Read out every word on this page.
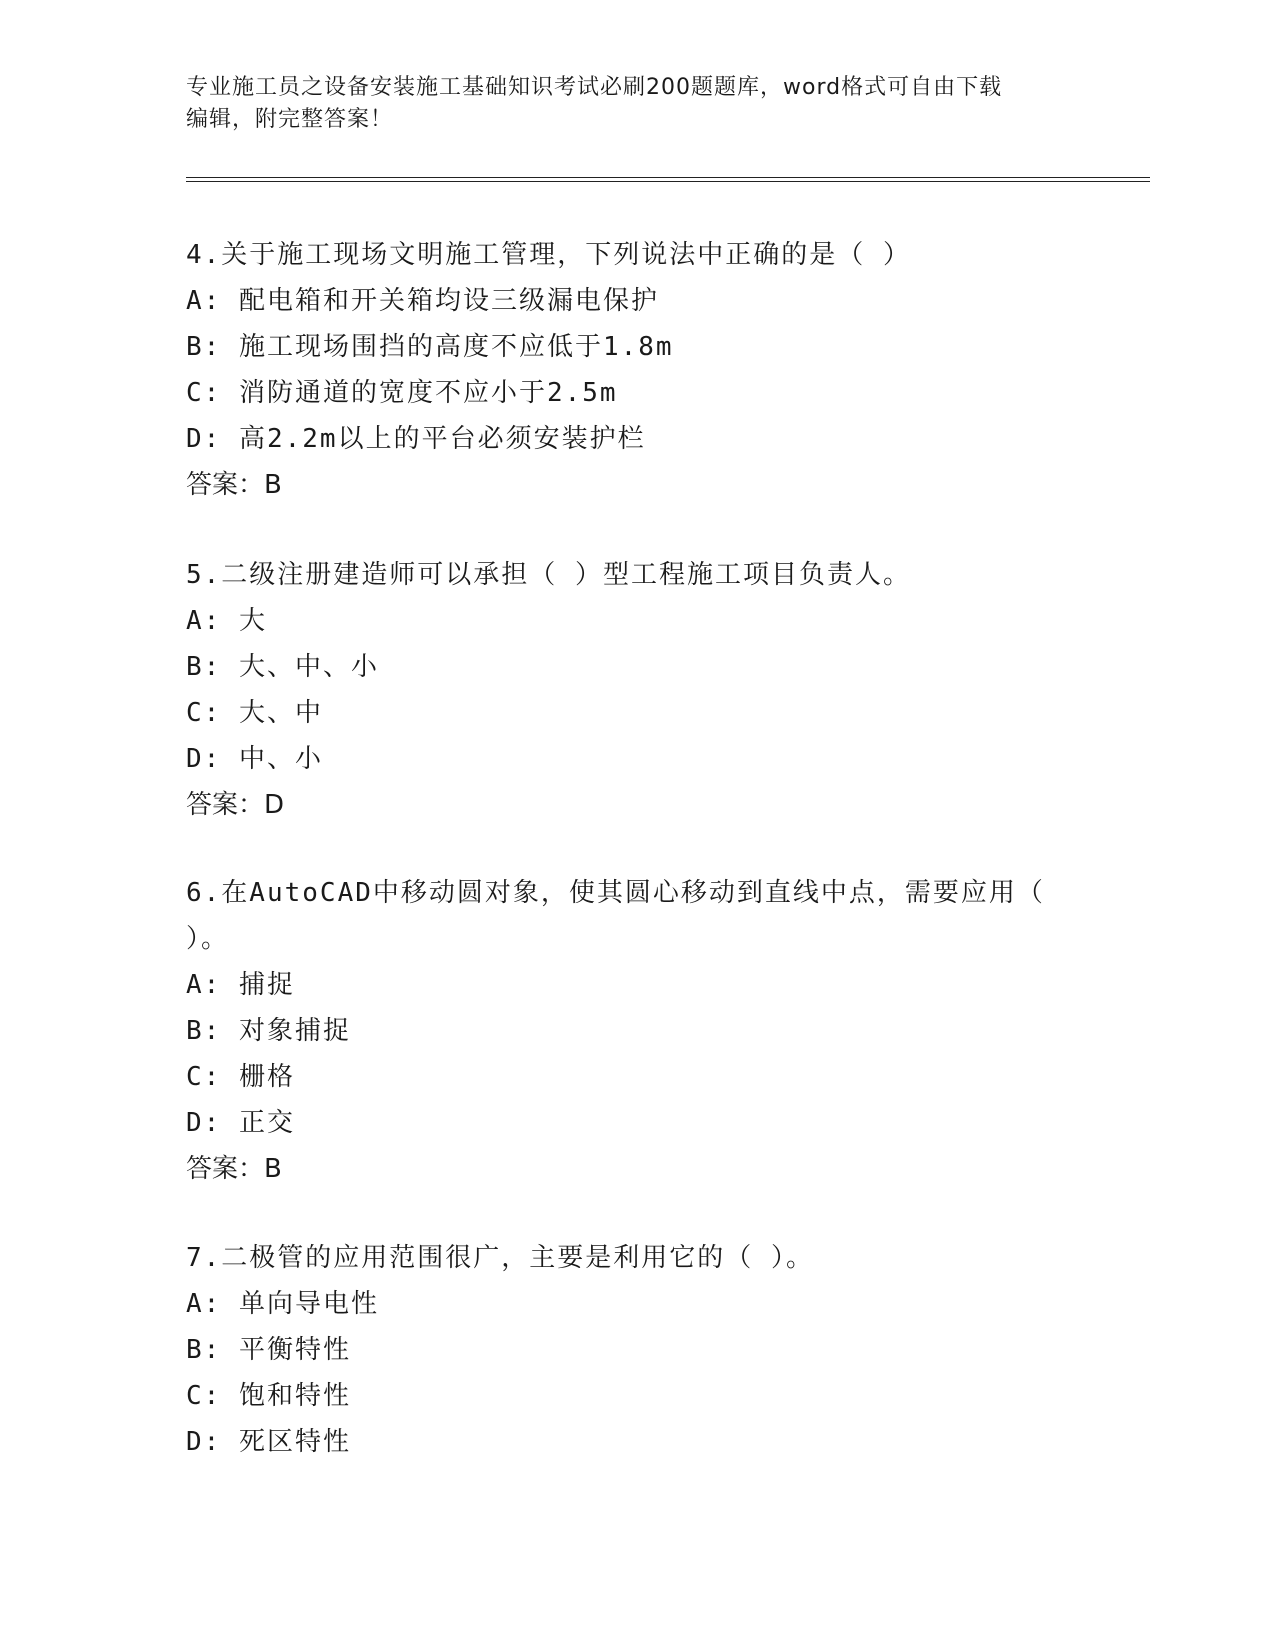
专业施工员之设备安装施工基础知识考试必刷200题题库，word格式可自由下载
编辑，附完整答案！
4.关于施工现场文明施工管理，下列说法中正确的是（ ）
A: 配电箱和开关箱均设三级漏电保护
B: 施工现场围挡的高度不应低于1.8m
C: 消防通道的宽度不应小于2.5m
D: 高2.2m以上的平台必须安装护栏
答案：B
5.二级注册建造师可以承担（ ）型工程施工项目负责人。
A: 大
B: 大、中、小
C: 大、中
D: 中、小
答案：D
6.在AutoCAD中移动圆对象，使其圆心移动到直线中点，需要应用（
）。
A: 捕捉
B: 对象捕捉
C: 栅格
D: 正交
答案：B
7.二极管的应用范围很广，主要是利用它的（ ）。
A: 单向导电性
B: 平衡特性
C: 饱和特性
D: 死区特性
